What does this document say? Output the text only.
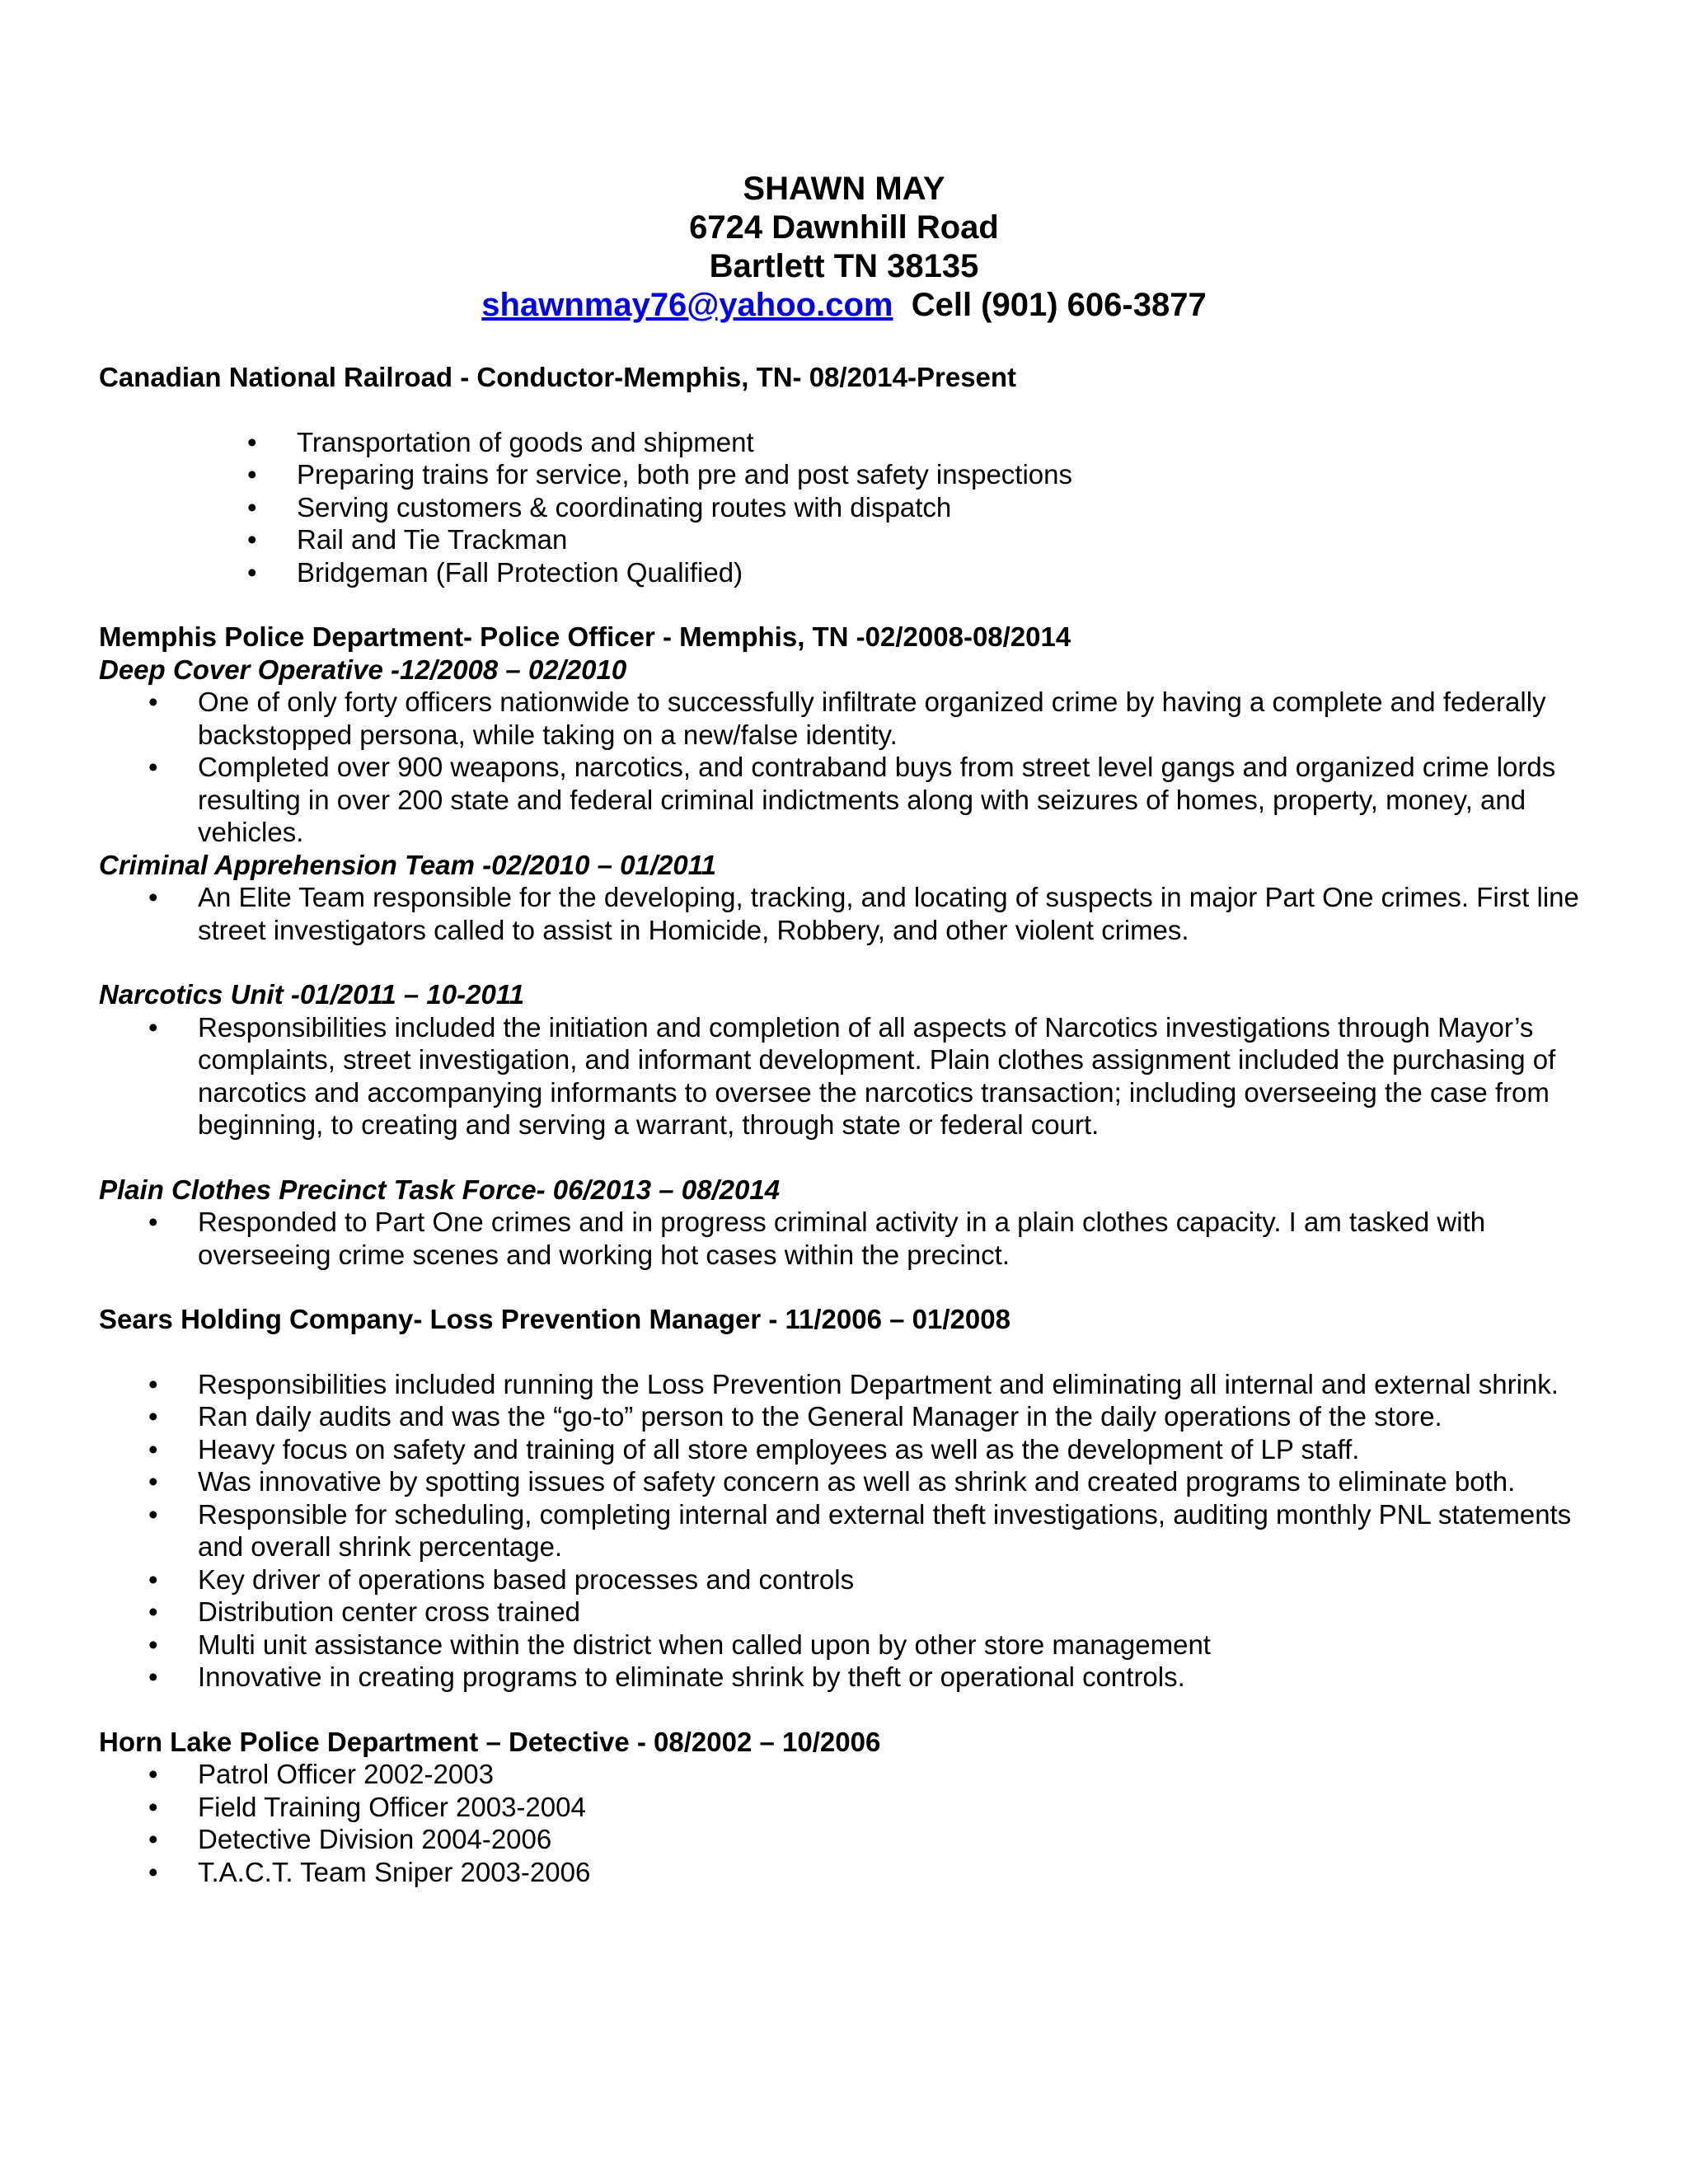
SHAWN MAY
6724 Dawnhill Road
Bartlett TN 38135
shawnmay76@yahoo.com Cell (901) 606-3877
Canadian National Railroad - Conductor-Memphis, TN- 08/2014-Present
• Transportation of goods and shipment
• Preparing trains for service, both pre and post safety inspections
• Serving customers & coordinating routes with dispatch
• Rail and Tie Trackman
• Bridgeman (Fall Protection Qualified)
Memphis Police Department- Police Officer - Memphis, TN -02/2008-08/2014
Deep Cover Operative -12/2008 – 02/2010
• One of only forty officers nationwide to successfully infiltrate organized crime by having a complete and federally backstopped persona, while taking on a new/false identity.
• Completed over 900 weapons, narcotics, and contraband buys from street level gangs and organized crime lords resulting in over 200 state and federal criminal indictments along with seizures of homes, property, money, and vehicles.
Criminal Apprehension Team -02/2010 – 01/2011
• An Elite Team responsible for the developing, tracking, and locating of suspects in major Part One crimes. First line street investigators called to assist in Homicide, Robbery, and other violent crimes.
Narcotics Unit -01/2011 – 10-2011
• Responsibilities included the initiation and completion of all aspects of Narcotics investigations through Mayor’s complaints, street investigation, and informant development. Plain clothes assignment included the purchasing of narcotics and accompanying informants to oversee the narcotics transaction; including overseeing the case from beginning, to creating and serving a warrant, through state or federal court.
Plain Clothes Precinct Task Force- 06/2013 – 08/2014
• Responded to Part One crimes and in progress criminal activity in a plain clothes capacity. I am tasked with overseeing crime scenes and working hot cases within the precinct.
Sears Holding Company- Loss Prevention Manager - 11/2006 – 01/2008
• Responsibilities included running the Loss Prevention Department and eliminating all internal and external shrink.
• Ran daily audits and was the “go-to” person to the General Manager in the daily operations of the store.
• Heavy focus on safety and training of all store employees as well as the development of LP staff.
• Was innovative by spotting issues of safety concern as well as shrink and created programs to eliminate both.
• Responsible for scheduling, completing internal and external theft investigations, auditing monthly PNL statements and overall shrink percentage.
• Key driver of operations based processes and controls
• Distribution center cross trained
• Multi unit assistance within the district when called upon by other store management
• Innovative in creating programs to eliminate shrink by theft or operational controls.
Horn Lake Police Department – Detective - 08/2002 – 10/2006
• Patrol Officer 2002-2003
• Field Training Officer 2003-2004
• Detective Division 2004-2006
• T.A.C.T. Team Sniper 2003-2006
